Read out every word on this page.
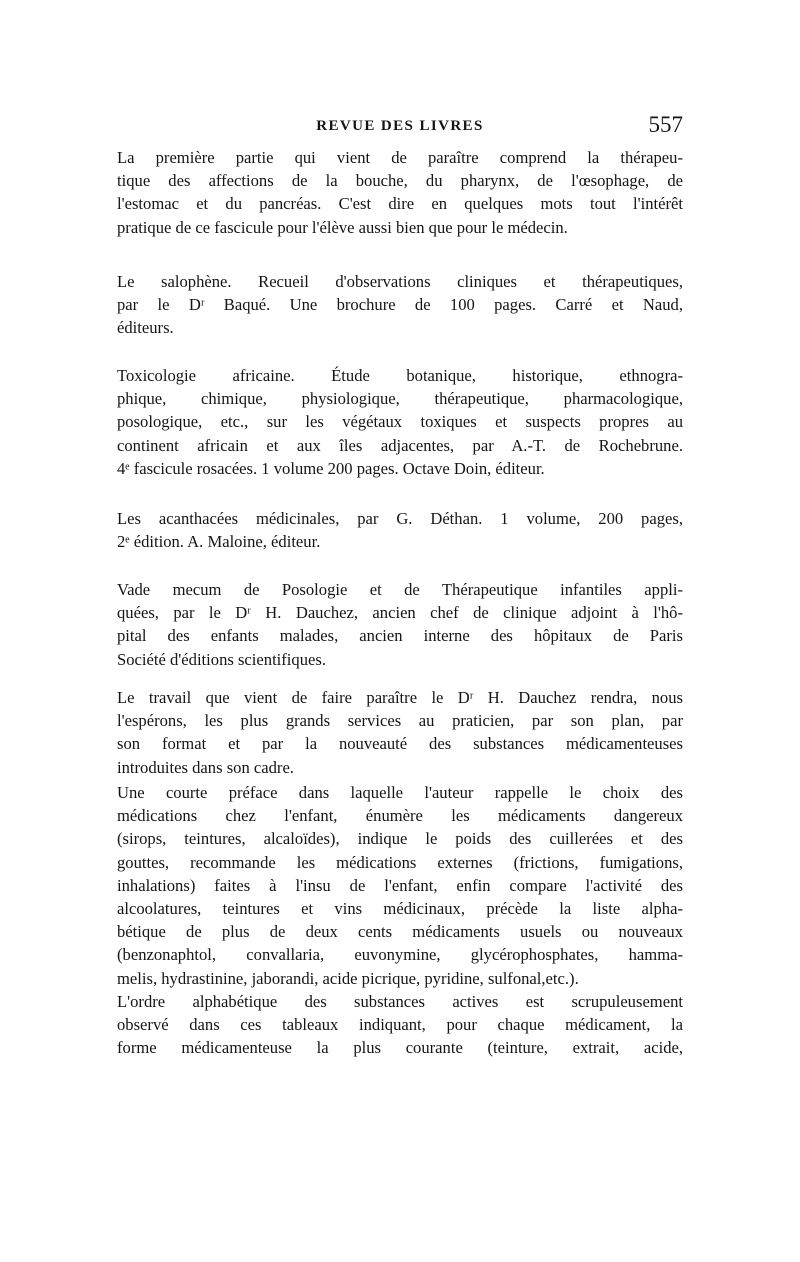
REVUE DES LIVRES	557

La première partie qui vient de paraître comprend la thérapeu-
tique des affections de la bouche, du pharynx, de l'œsophage, de
l'estomac et du pancréas. C'est dire en quelques mots tout l'intérêt
pratique de ce fascicule pour l'élève aussi bien que pour le médecin.

Le salophène. Recueil d'observations cliniques et thérapeutiques,
par le Dʳ Baqué. Une brochure de 100 pages. Carré et Naud,
éditeurs.

Toxicologie africaine. Étude botanique, historique, ethnogra-
phique, chimique, physiologique, thérapeutique, pharmacologique,
posologique, etc., sur les végétaux toxiques et suspects propres au
continent africain et aux îles adjacentes, par A.-T. de Rochebrune.
4ᵉ fascicule rosacées. 1 volume 200 pages. Octave Doin, éditeur.

Les acanthacées médicinales, par G. Déthan. 1 volume, 200 pages,
2ᵉ édition. A. Maloine, éditeur.

Vade mecum de Posologie et de Thérapeutique infantiles appli-
quées, par le Dʳ H. Dauchez, ancien chef de clinique adjoint à l'hô-
pital des enfants malades, ancien interne des hôpitaux de Paris
Société d'éditions scientifiques.

Le travail que vient de faire paraître le Dʳ H. Dauchez rendra, nous
l'espérons, les plus grands services au praticien, par son plan, par
son format et par la nouveauté des substances médicamenteuses
introduites dans son cadre.

Une courte préface dans laquelle l'auteur rappelle le choix des
médications chez l'enfant, énumère les médicaments dangereux
(sirops, teintures, alcaloïdes), indique le poids des cuillerées et des
gouttes, recommande les médications externes (frictions, fumigations,
inhalations) faites à l'insu de l'enfant, enfin compare l'activité des
alcoolatures, teintures et vins médicinaux, précède la liste alpha-
bétique de plus de deux cents médicaments usuels ou nouveaux
(benzonaphtol, convallaria, euvonymine, glycérophosphates, hamma-
melis, hydrastinine, jaborandi, acide picrique, pyridine, sulfonal,etc.).

L'ordre alphabétique des substances actives est scrupuleusement
observé dans ces tableaux indiquant, pour chaque médicament, la
forme médicamenteuse la plus courante (teinture, extrait, acide,
